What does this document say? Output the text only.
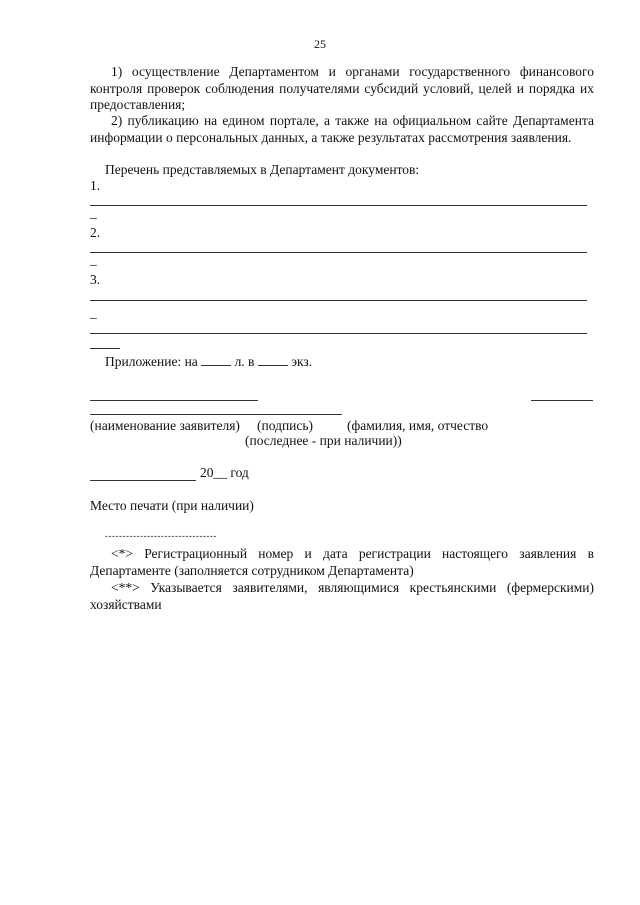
25
1) осуществление Департаментом и органами государственного финансового контроля проверок соблюдения получателями субсидий условий, целей и порядка их предоставления;
2) публикацию на едином портале, а также на официальном сайте Департамента информации о персональных данных, а также результатах рассмотрения заявления.
Перечень представляемых в Департамент документов:
1.
_
2.
_
3.
_
Приложение: на	л. в	экз.
(наименование заявителя) (подпись)	(фамилия, имя, отчество
(последнее - при наличии))
20__ год
Место печати (при наличии)
--------------------------------
<*> Регистрационный номер и дата регистрации настоящего заявления в Департаменте (заполняется сотрудником Департамента)
<**> Указывается заявителями, являющимися крестьянскими (фермерскими) хозяйствами
